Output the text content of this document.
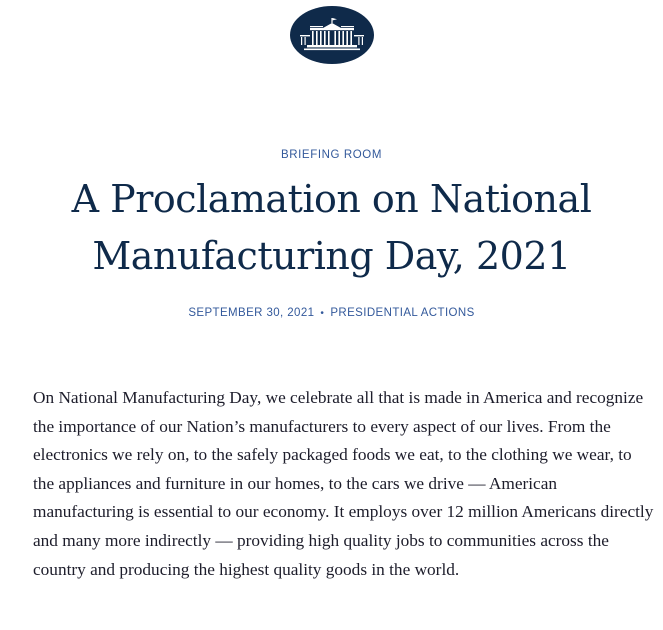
BRIEFING ROOM
A Proclamation on National Manufacturing Day, 2021
SEPTEMBER 30, 2021 • PRESIDENTIAL ACTIONS

On National Manufacturing Day, we celebrate all that is made in America and recognize the importance of our Nation’s manufacturers to every aspect of our lives. From the electronics we rely on, to the safely packaged foods we eat, to the clothing we wear, to the appliances and furniture in our homes, to the cars we drive — American manufacturing is essential to our economy. It employs over 12 million Americans directly and many more indirectly — providing high quality jobs to communities across the country and producing the highest quality goods in the world.
